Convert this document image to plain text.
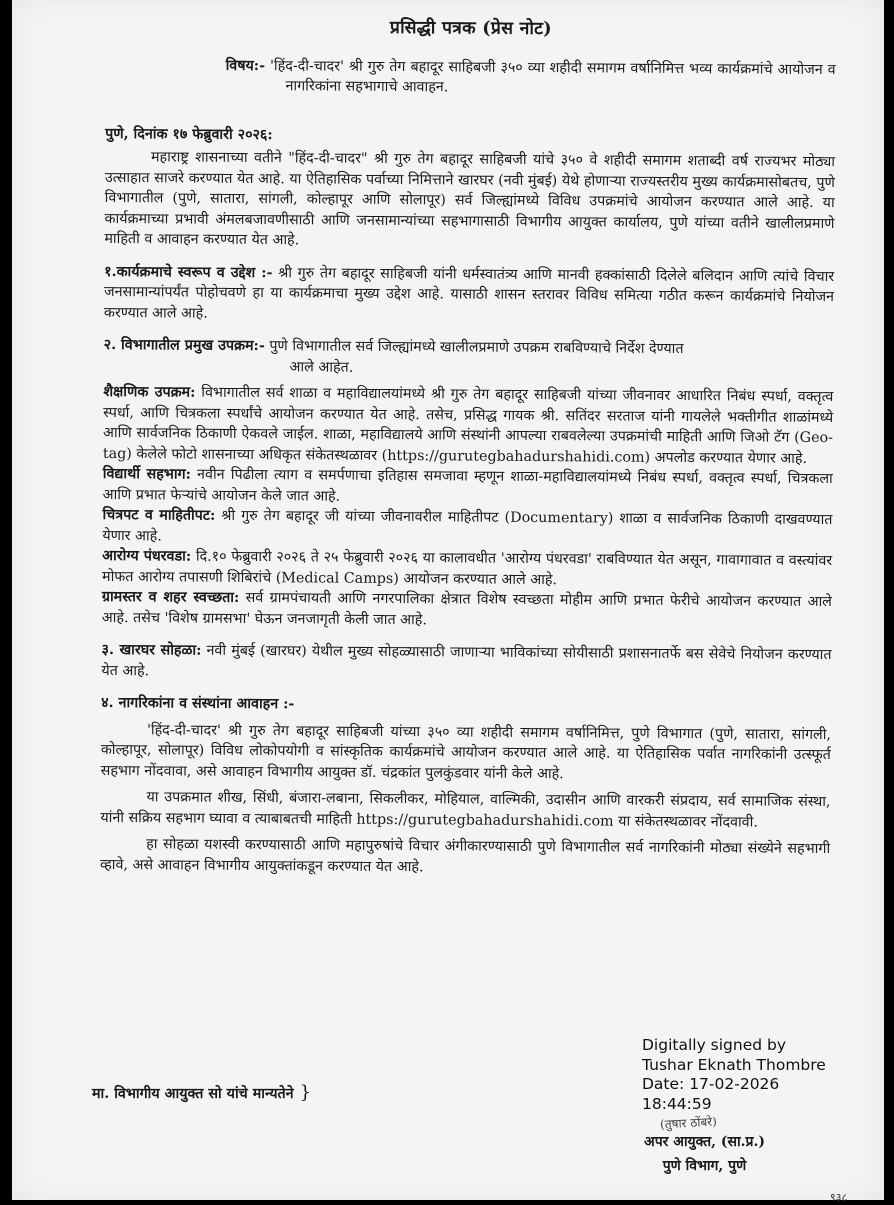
प्रसिद्धी पत्रक (प्रेस नोट)

विषय:- 'हिंद-दी-चादर' श्री गुरु तेग बहादूर साहिबजी ३५० व्या शहीदी समागम वर्षानिमित्त भव्य कार्यक्रमांचे आयोजन व नागरिकांना सहभागाचे आवाहन.

पुणे, दिनांक १७ फेब्रुवारी २०२६:

महाराष्ट्र शासनाच्या वतीने "हिंद-दी-चादर" श्री गुरु तेग बहादूर साहिबजी यांचे ३५० वे शहीदी समागम शताब्दी वर्ष राज्यभर मोठ्या उत्साहात साजरे करण्यात येत आहे. या ऐतिहासिक पर्वाच्या निमित्ताने खारघर (नवी मुंबई) येथे होणाऱ्या राज्यस्तरीय मुख्य कार्यक्रमासोबतच, पुणे विभागातील (पुणे, सातारा, सांगली, कोल्हापूर आणि सोलापूर) सर्व जिल्ह्यांमध्ये विविध उपक्रमांचे आयोजन करण्यात आले आहे. या कार्यक्रमाच्या प्रभावी अंमलबजावणीसाठी आणि जनसामान्यांच्या सहभागासाठी विभागीय आयुक्त कार्यालय, पुणे यांच्या वतीने खालीलप्रमाणे माहिती व आवाहन करण्यात येत आहे.

१.कार्यक्रमाचे स्वरूप व उद्देश :- श्री गुरु तेग बहादूर साहिबजी यांनी धर्मस्वातंत्र्य आणि मानवी हक्कांसाठी दिलेले बलिदान आणि त्यांचे विचार जनसामान्यांपर्यंत पोहोचवणे हा या कार्यक्रमाचा मुख्य उद्देश आहे. यासाठी शासन स्तरावर विविध समित्या गठीत करून कार्यक्रमांचे नियोजन करण्यात आले आहे.

२. विभागातील प्रमुख उपक्रम:- पुणे विभागातील सर्व जिल्ह्यांमध्ये खालीलप्रमाणे उपक्रम राबविण्याचे निर्देश देण्यात

आले आहेत.

शैक्षणिक उपक्रम: विभागातील सर्व शाळा व महाविद्यालयांमध्ये श्री गुरु तेग बहादूर साहिबजी यांच्या जीवनावर आधारित निबंध स्पर्धा, वक्तृत्व स्पर्धा, आणि चित्रकला स्पर्धांचे आयोजन करण्यात येत आहे. तसेच, प्रसिद्ध गायक श्री. सतिंदर सरताज यांनी गायलेले भक्तीगीत शाळांमध्ये आणि सार्वजनिक ठिकाणी ऐकवले जाईल. शाळा, महाविद्यालये आणि संस्थांनी आपल्या राबवलेल्या उपक्रमांची माहिती आणि जिओ टॅग (Geo-tag) केलेले फोटो शासनाच्या अधिकृत संकेतस्थळावर (https://gurutegbahadurshahidi.com) अपलोड करण्यात येणार आहे.

विद्यार्थी सहभाग: नवीन पिढीला त्याग व समर्पणाचा इतिहास समजावा म्हणून शाळा-महाविद्यालयांमध्ये निबंध स्पर्धा, वक्तृत्व स्पर्धा, चित्रकला आणि प्रभात फेऱ्यांचे आयोजन केले जात आहे.

चित्रपट व माहितीपट: श्री गुरु तेग बहादूर जी यांच्या जीवनावरील माहितीपट (Documentary) शाळा व सार्वजनिक ठिकाणी दाखवण्यात येणार आहे.

आरोग्य पंधरवडा: दि.१० फेब्रुवारी २०२६ ते २५ फेब्रुवारी २०२६ या कालावधीत 'आरोग्य पंधरवडा' राबविण्यात येत असून, गावागावात व वस्त्यांवर मोफत आरोग्य तपासणी शिबिरांचे (Medical Camps) आयोजन करण्यात आले आहे.

ग्रामस्तर व शहर स्वच्छता: सर्व ग्रामपंचायती आणि नगरपालिका क्षेत्रात विशेष स्वच्छता मोहीम आणि प्रभात फेरीचे आयोजन करण्यात आले आहे. तसेच 'विशेष ग्रामसभा' घेऊन जनजागृती केली जात आहे.

३. खारघर सोहळा: नवी मुंबई (खारघर) येथील मुख्य सोहळ्यासाठी जाणाऱ्या भाविकांच्या सोयीसाठी प्रशासनातर्फे बस सेवेचे नियोजन करण्यात येत आहे.

४. नागरिकांना व संस्थांना आवाहन :-

'हिंद-दी-चादर' श्री गुरु तेग बहादूर साहिबजी यांच्या ३५० व्या शहीदी समागम वर्षानिमित्त, पुणे विभागात (पुणे, सातारा, सांगली, कोल्हापूर, सोलापूर) विविध लोकोपयोगी व सांस्कृतिक कार्यक्रमांचे आयोजन करण्यात आले आहे. या ऐतिहासिक पर्वात नागरिकांनी उत्स्फूर्त सहभाग नोंदवावा, असे आवाहन विभागीय आयुक्त डॉ. चंद्रकांत पुलकुंडवार यांनी केले आहे.

या उपक्रमात शीख, सिंधी, बंजारा-लबाना, सिकलीकर, मोहियाल, वाल्मिकी, उदासीन आणि वारकरी संप्रदाय, सर्व सामाजिक संस्था, यांनी सक्रिय सहभाग घ्यावा व त्याबाबतची माहिती https://gurutegbahadurshahidi.com या संकेतस्थळावर नोंदवावी.

हा सोहळा यशस्वी करण्यासाठी आणि महापुरुषांचे विचार अंगीकारण्यासाठी पुणे विभागातील सर्व नागरिकांनी मोठ्या संख्येने सहभागी व्हावे, असे आवाहन विभागीय आयुक्तांकडून करण्यात येत आहे.

मा. विभागीय आयुक्त सो यांचे मान्यतेने }
Digitally signed by
Tushar Eknath Thombre
Date: 17-02-2026
18:44:59
(तुषार ठोंबरे)
अपर आयुक्त, (सा.प्र.)
पुणे विभाग, पुणे
९३८
